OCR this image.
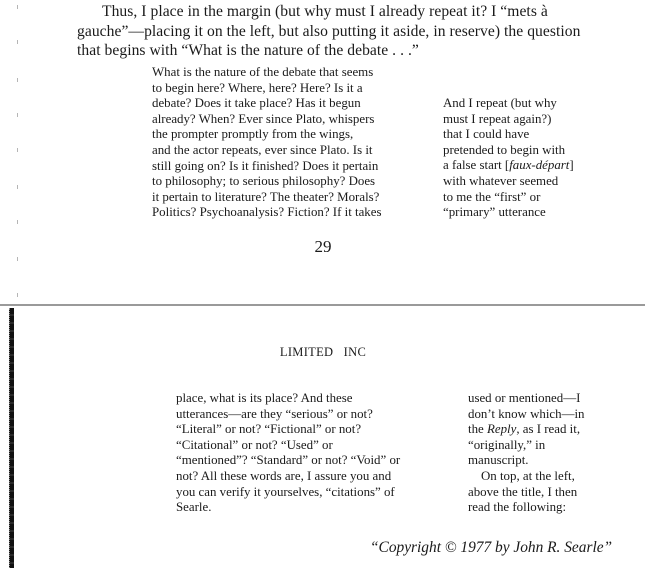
Thus, I place in the margin (but why must I already repeat it? I “mets à
gauche”—placing it on the left, but also putting it aside, in reserve) the question
that begins with “What is the nature of the debate . . .”
What is the nature of the debate that seems
to begin here? Where, here? Here? Is it a
debate? Does it take place? Has it begun
already? When? Ever since Plato, whispers
the prompter promptly from the wings,
and the actor repeats, ever since Plato. Is it
still going on? Is it finished? Does it pertain
to philosophy; to serious philosophy? Does
it pertain to literature? The theater? Morals?
Politics? Psychoanalysis? Fiction? If it takes
And I repeat (but why
must I repeat again?)
that I could have
pretended to begin with
a false start [faux-départ]
with whatever seemed
to me the “first” or
“primary” utterance
29
LIMITED   INC
place, what is its place? And these
utterances—are they “serious” or not?
“Literal” or not? “Fictional” or not?
“Citational” or not? “Used” or
“mentioned”? “Standard” or not? “Void” or
not? All these words are, I assure you and
you can verify it yourselves, “citations” of
Searle.
used or mentioned—I
don’t know which—in
the Reply, as I read it,
“originally,” in
manuscript.
On top, at the left,
above the title, I then
read the following:
“Copyright © 1977 by John R. Searle”
